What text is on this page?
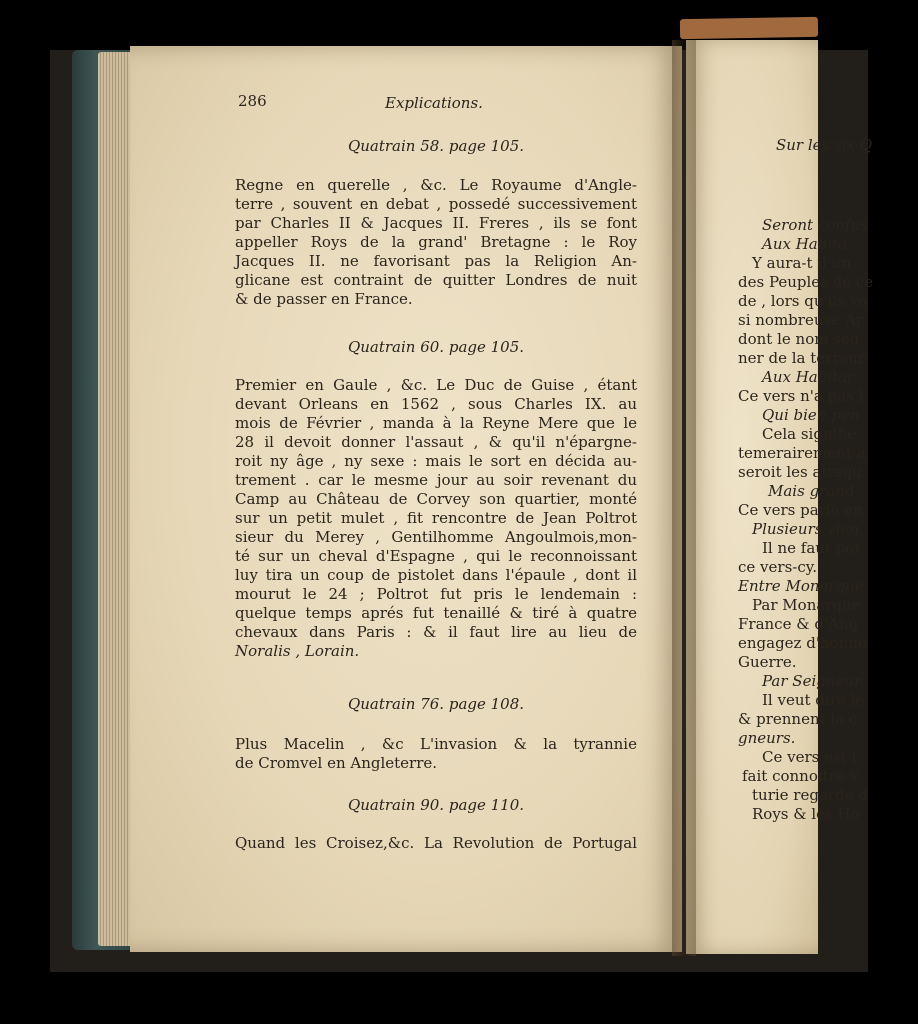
286	Explications.
Quatrain 58. page 105.
Regne en querelle , &c. Le Royaume d'Angle-
terre , souvent en debat , possedé successivement
par Charles II & Jacques II. Freres , ils se font
appeller Roys de la grand' Bretagne : le Roy
Jacques II. ne favorisant pas la Religion An-
glicane est contraint de quitter Londres de nuit
& de passer en France.
Quatrain 60. page 105.
Premier en Gaule , &c. Le Duc de Guise , étant
devant Orleans en 1562 , sous Charles IX. au
mois de Février , manda à la Reyne Mere que le
28 il devoit donner l'assaut , & qu'il n'épargne-
roit ny âge , ny sexe : mais le sort en décida au-
trement . car le mesme jour au soir revenant du
Camp au Château de Corvey son quartier, monté
sur un petit mulet , fit rencontre de Jean Poltrot
sieur du Merey , Gentilhomme Angoulmois,mon-
té sur un cheval d'Espagne , qui le reconnoissant
luy tira un coup de pistolet dans l'épaule , dont il
mourut le 24 ; Poltrot fut pris le lendemain :
quelque temps aprés fut tenaillé & tiré à quatre
chevaux dans Paris : & il faut lire au lieu de
Noralis , Lorain.
Quatrain 76. page 108.
Plus Macelin , &c L'invasion & la tyrannie
de Cromvel en Angleterre.
Quatrain 90. page 110.
Quand les Croisez,&c. La Revolution de Portugal
Sur les six Q
Seront confus
Aux Habita
Y aura-t il un
des Peuples de ce
de , lors qu'ils vo
si nombreuse Ar
dont le nom seu
ner de la terreur
Aux Habitar
Ce vers n'a pas l
Qui bien pen
Cela signifie
temerairement a
seroit les attaqu
Mais grand
Ce vers parle en
Plusieurs vien
Il ne faut poi
ce vers-cy.
Entre Monarque
Par Monarque
France & d'Ang
engagez d'honne
Guerre.
Par Seigneur
Il veut dire le
& prennent la c
gneurs.
Ce vers est l
fait connoitre v
turie regarde d
Roys & les Ho
